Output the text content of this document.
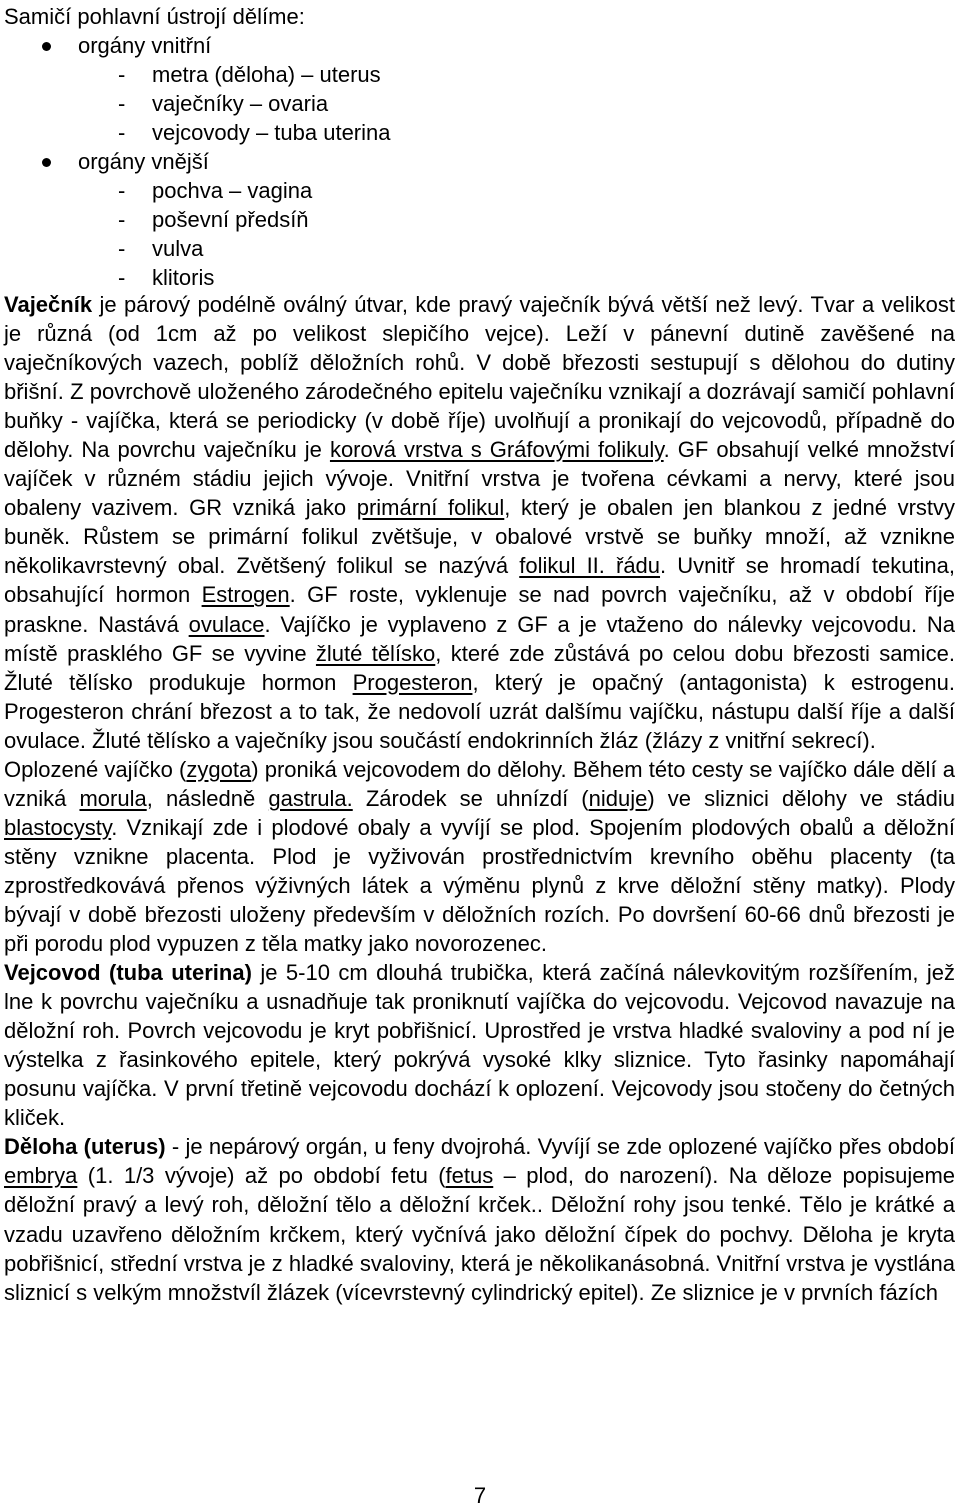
Samičí pohlavní ústrojí dělíme:

orgány vnitřní
- metra (děloha) – uterus
- vaječníky – ovaria
- vejcovody – tuba uterina
orgány vnější
- pochva – vagina
- poševní předsíň
- vulva
- klitoris

Vaječník je párový podélně oválný útvar, kde pravý vaječník bývá větší než levý. Tvar a velikost je různá (od 1cm až po velikost slepičího vejce). Leží v pánevní dutině zavěšené na vaječníkových vazech, poblíž děložních rohů. V době březosti sestupují s dělohou do dutiny břišní. Z povrchově uloženého zárodečného epitelu vaječníku vznikají a dozrávají samičí pohlavní buňky - vajíčka, která se periodicky (v době říje) uvolňují a pronikají do vejcovodů, případně do dělohy. Na povrchu vaječníku je korová vrstva s Gráfovými folikuly. GF obsahují velké množství vajíček v různém stádiu jejich vývoje. Vnitřní vrstva je tvořena cévkami a nervy, které jsou obaleny vazivem. GR vzniká jako primární folikul, který je obalen jen blankou z jedné vrstvy buněk. Růstem se primární folikul zvětšuje, v obalové vrstvě se buňky množí, až vznikne několikavrstevný obal. Zvětšený folikul se nazývá folikul II. řádu. Uvnitř se hromadí tekutina, obsahující hormon Estrogen. GF roste, vyklenuje se nad povrch vaječníku, až v období říje praskne. Nastává ovulace. Vajíčko je vyplaveno z GF a je vtaženo do nálevky vejcovodu. Na místě prasklého GF se vyvine žluté tělísko, které zde zůstává po celou dobu březosti samice. Žluté tělísko produkuje hormon Progesteron, který je opačný (antagonista) k estrogenu. Progesteron chrání březost a to tak, že nedovolí uzrát dalšímu vajíčku, nástupu další říje a další ovulace. Žluté tělísko a vaječníky jsou součástí endokrinních žláz (žlázy z vnitřní sekrecí).

Oplozené vajíčko (zygota) proniká vejcovodem do dělohy. Během této cesty se vajíčko dále dělí a vzniká morula, následně gastrula. Zárodek se uhnízdí (niduje) ve sliznici dělohy ve stádiu blastocysty. Vznikají zde i plodové obaly a vyvíjí se plod. Spojením plodových obalů a děložní stěny vznikne placenta. Plod je vyživován prostřednictvím krevního oběhu placenty (ta zprostředkovává přenos výživných látek a výměnu plynů z krve děložní stěny matky). Plody bývají v době březosti uloženy především v děložních rozích. Po dovršení 60-66 dnů březosti je při porodu plod vypuzen z těla matky jako novorozenec.

Vejcovod (tuba uterina) je 5-10 cm dlouhá trubička, která začíná nálevkovitým rozšířením, jež lne k povrchu vaječníku a usnadňuje tak proniknutí vajíčka do vejcovodu. Vejcovod navazuje na děložní roh. Povrch vejcovodu je kryt pobřišnicí. Uprostřed je vrstva hladké svaloviny a pod ní je výstelka z řasinkového epitele, který pokrývá vysoké klky sliznice. Tyto řasinky napomáhají posunu vajíčka. V první třetině vejcovodu dochází k oplození. Vejcovody jsou stočeny do četných kliček.

Děloha (uterus) - je nepárový orgán, u feny dvojrohá. Vyvíjí se zde oplozené vajíčko přes období embrya (1. 1/3 vývoje) až po období fetu (fetus – plod, do narození). Na děloze popisujeme děložní pravý a levý roh, děložní tělo a děložní krček.. Děložní rohy jsou tenké. Tělo je krátké a vzadu uzavřeno děložním krčkem, který vyčnívá jako děložní čípek do pochvy. Děloha je kryta pobřišnicí, střední vrstva je z hladké svaloviny, která je několikanásobná. Vnitřní vrstva je vystlána sliznicí s velkým množstvíl žlázek (vícevrstevný cylindrický epitel). Ze sliznice je v prvních fázích

7
